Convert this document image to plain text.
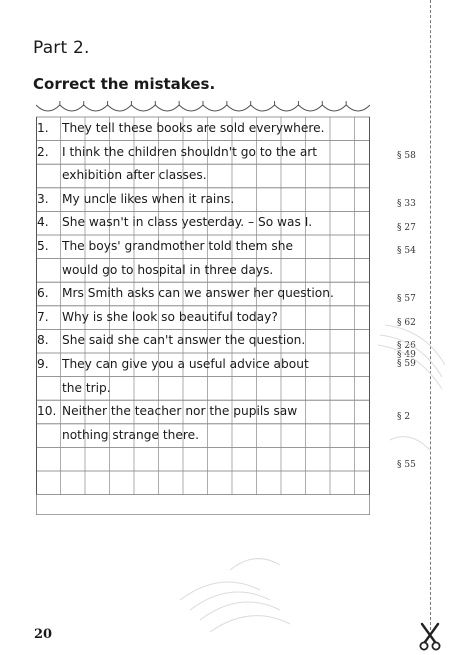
Part 2.
Correct the mistakes.
1.	They tell these books are sold everywhere.
2.	I think the children shouldn't go to the art
exhibition after classes.
3.	My uncle likes when it rains.
4.	She wasn't in class yesterday. – So was I.
5.	The boys' grandmother told them she
would go to hospital in three days.
6.	Mrs Smith asks can we answer her question.
7.	Why is she look so beautiful today?
8.	She said she can't answer the question.
9.	They can give you a useful advice about
the trip.
10. Neither the teacher nor the pupils saw
nothing strange there.
§ 58
§ 33
§ 27
§ 54
§ 57
§ 62
§ 26
§ 49
§ 59
§ 2
§ 55
20
